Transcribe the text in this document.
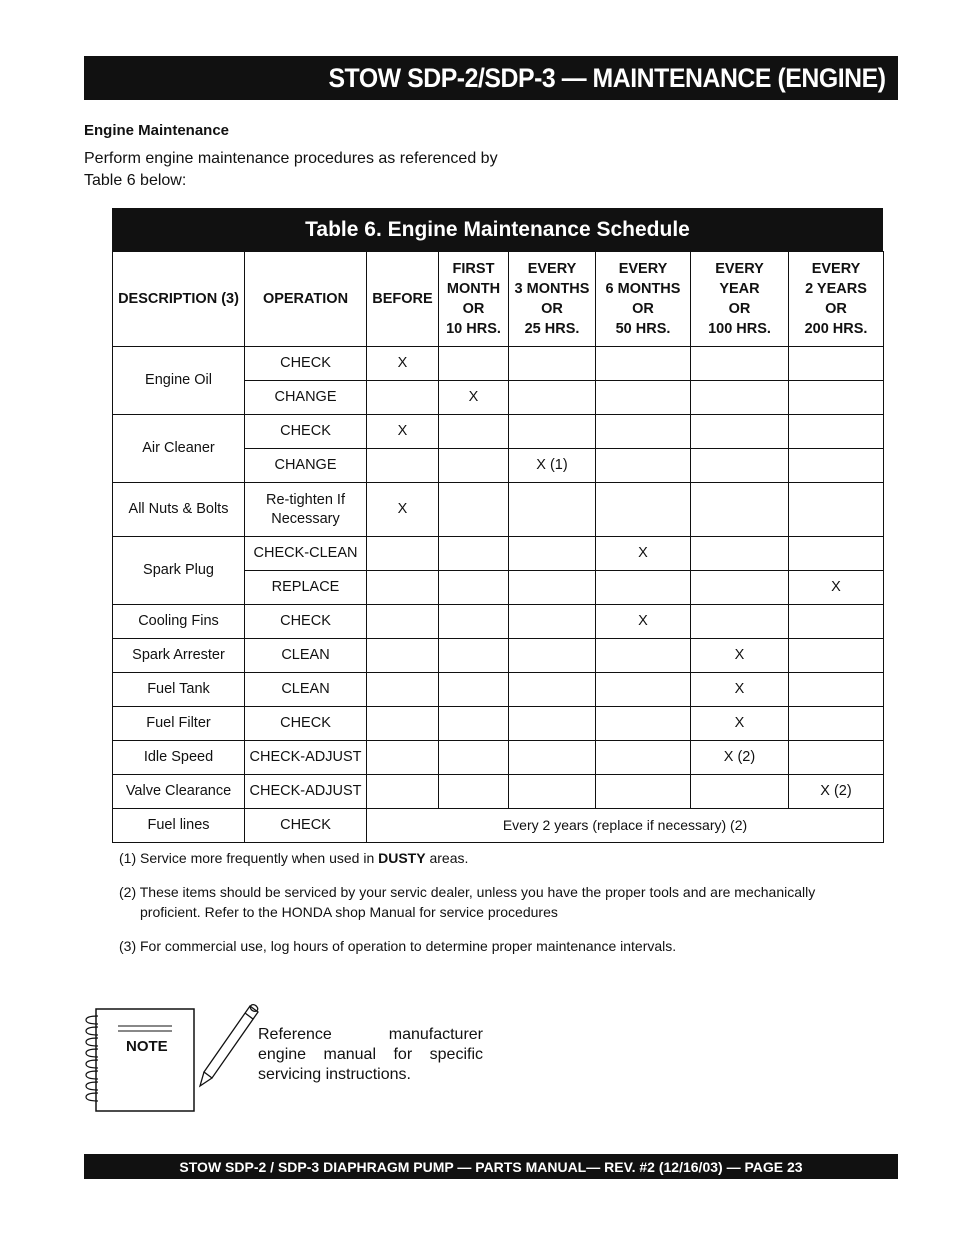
STOW SDP-2/SDP-3 — MAINTENANCE (ENGINE)
Engine Maintenance
Perform engine maintenance procedures as referenced by
Table 6 below:
Table 6. Engine Maintenance Schedule
DESCRIPTION (3)	OPERATION	BEFORE	FIRST
MONTH
OR
10 HRS.	EVERY
3 MONTHS
OR
25 HRS.	EVERY
6 MONTHS
OR
50 HRS.	EVERY
YEAR
OR
100 HRS.	EVERY
2 YEARS
OR
200 HRS.
Engine Oil	CHECK	X					
	CHANGE		X				
Air Cleaner	CHECK	X					
	CHANGE			X (1)			
All Nuts & Bolts	Re-tighten If
Necessary	X					
Spark Plug	CHECK-CLEAN				X		
	REPLACE						X
Cooling Fins	CHECK				X		
Spark Arrester	CLEAN					X	
Fuel Tank	CLEAN					X	
Fuel Filter	CHECK					X	
Idle Speed	CHECK-ADJUST					X (2)	
Valve Clearance	CHECK-ADJUST						X (2)
Fuel lines	CHECK	Every 2 years (replace if necessary) (2)					

(1) Service more frequently when used in DUSTY areas.

(2) These items should be serviced by your servic dealer, unless you have the proper tools and are mechanically proficient. Refer to the HONDA shop Manual for service procedures

(3) For commercial use, log hours of operation to determine proper maintenance intervals.

NOTE
Reference manufacturer engine manual for specific servicing instructions.
STOW SDP-2 / SDP-3 DIAPHRAGM PUMP — PARTS MANUAL— REV. #2 (12/16/03) — PAGE 23
